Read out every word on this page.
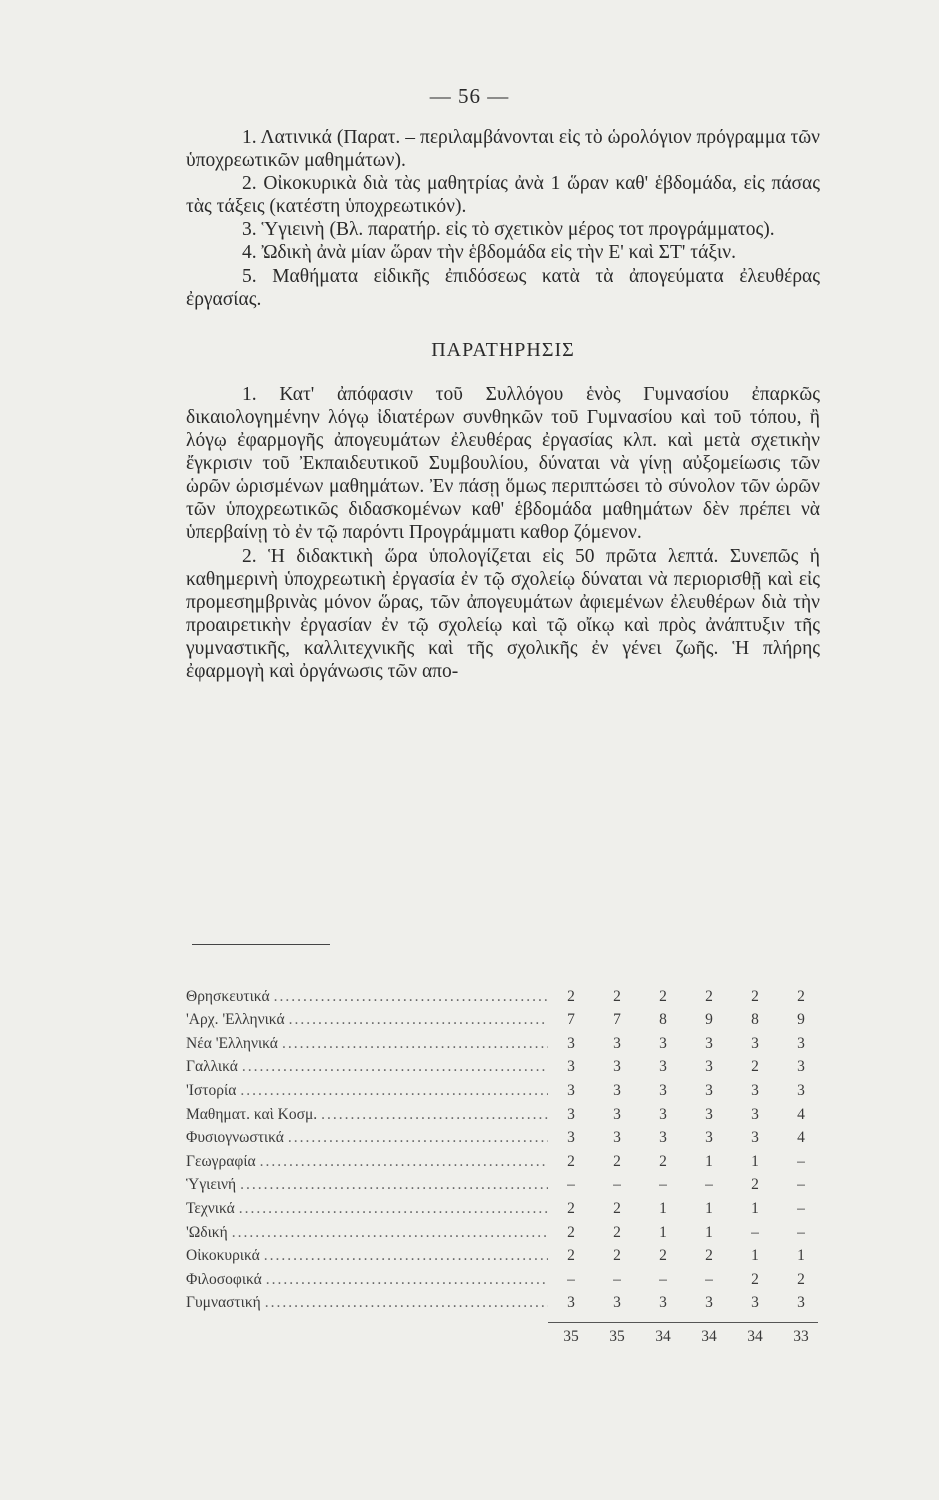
— 56 —

1. Λατινικά (Παρατ. – περιλαμβάνονται εἰς τὸ ὡρολόγιον πρόγραμμα τῶν ὑποχρεωτικῶν μαθημάτων).

2. Οἰκοκυρικὰ διὰ τὰς μαθητρίας ἀνὰ 1 ὥραν καθ' ἑβδομάδα, εἰς πάσας τὰς τάξεις (κατέστη ὑποχρεωτικόν).

3. Ὑγιεινὴ (Βλ. παρατήρ. εἰς τὸ σχετικὸν μέρος τοτ προγράμματος).

4. Ὠδικὴ ἀνὰ μίαν ὥραν τὴν ἑβδομάδα εἰς τὴν Ε' καὶ ΣΤ' τάξιν.

5. Μαθήματα εἰδικῆς ἐπιδόσεως κατὰ τὰ ἀπογεύματα ἐλευθέρας ἐργασίας.

ΠΑΡΑΤΗΡΗΣΙΣ

1. Κατ' ἀπόφασιν τοῦ Συλλόγου ἑνὸς Γυμνασίου ἐπαρκῶς δικαιολογημένην λόγῳ ἰδιατέρων συνθηκῶν τοῦ Γυμνασίου καὶ τοῦ τόπου, ἢ λόγῳ ἐφαρμογῆς ἀπογευμάτων ἐλευθέρας ἐργασίας κλπ. καὶ μετὰ σχετικὴν ἔγκρισιν τοῦ Ἐκπαιδευτικοῦ Συμβουλίου, δύναται νὰ γίνῃ αὐξομείωσις τῶν ὡρῶν ὡρισμένων μαθημάτων. Ἐν πάσῃ ὅμως περιπτώσει τὸ σύνολον τῶν ὡρῶν τῶν ὑποχρεωτικῶς διδασκομένων καθ' ἑβδομάδα μαθημάτων δὲν πρέπει νὰ ὑπερβαίνῃ τὸ ἐν τῷ παρόντι Προγράμματι καθορ ζόμενον.

2. Ἡ διδακτικὴ ὥρα ὑπολογίζεται εἰς 50 πρῶτα λεπτά. Συνεπῶς ἡ καθημερινὴ ὑποχρεωτικὴ ἐργασία ἐν τῷ σχολείῳ δύναται νὰ περιορισθῇ καὶ εἰς προμεσημβρινὰς μόνον ὥρας, τῶν ἀπογευμάτων ἀφιεμένων ἐλευθέρων διὰ τὴν προαιρετικὴν ἐργασίαν ἐν τῷ σχολείῳ καὶ τῷ οἴκῳ καὶ πρὸς ἀνάπτυξιν τῆς γυμναστικῆς, καλλιτεχνικῆς καὶ τῆς σχολικῆς ἐν γένει ζωῆς. Ἡ πλήρης ἐφαρμογὴ καὶ ὀργάνωσις τῶν απο-

Θρησκευτικά .....	2	2	2	2	2	2
'Αρχ. 'Ελληνικά .....	7	7	8	9	8	9
Νέα 'Ελληνικά .....	3	3	3	3	3	3
Γαλλικά .....	3	3	3	3	2	3
'Ιστορία .....	3	3	3	3	3	3
Μαθηματ. καὶ Κοσμ. .....	3	3	3	3	3	4
Φυσιογνωστικά .....	3	3	3	3	3	4
Γεωγραφία .....	2	2	2	1	1	–
Ὑγιεινή .....	–	–	–	–	2	–
Τεχνικά .....	2	2	1	1	1	–
'Ωδική .....	2	2	1	1	–	–
Οἰκοκυρικά .....	2	2	2	2	1	1
Φιλοσοφικά .....	–	–	–	–	2	2
Γυμναστική .....	3	3	3	3	3	3
35	35	34	34	34	33
